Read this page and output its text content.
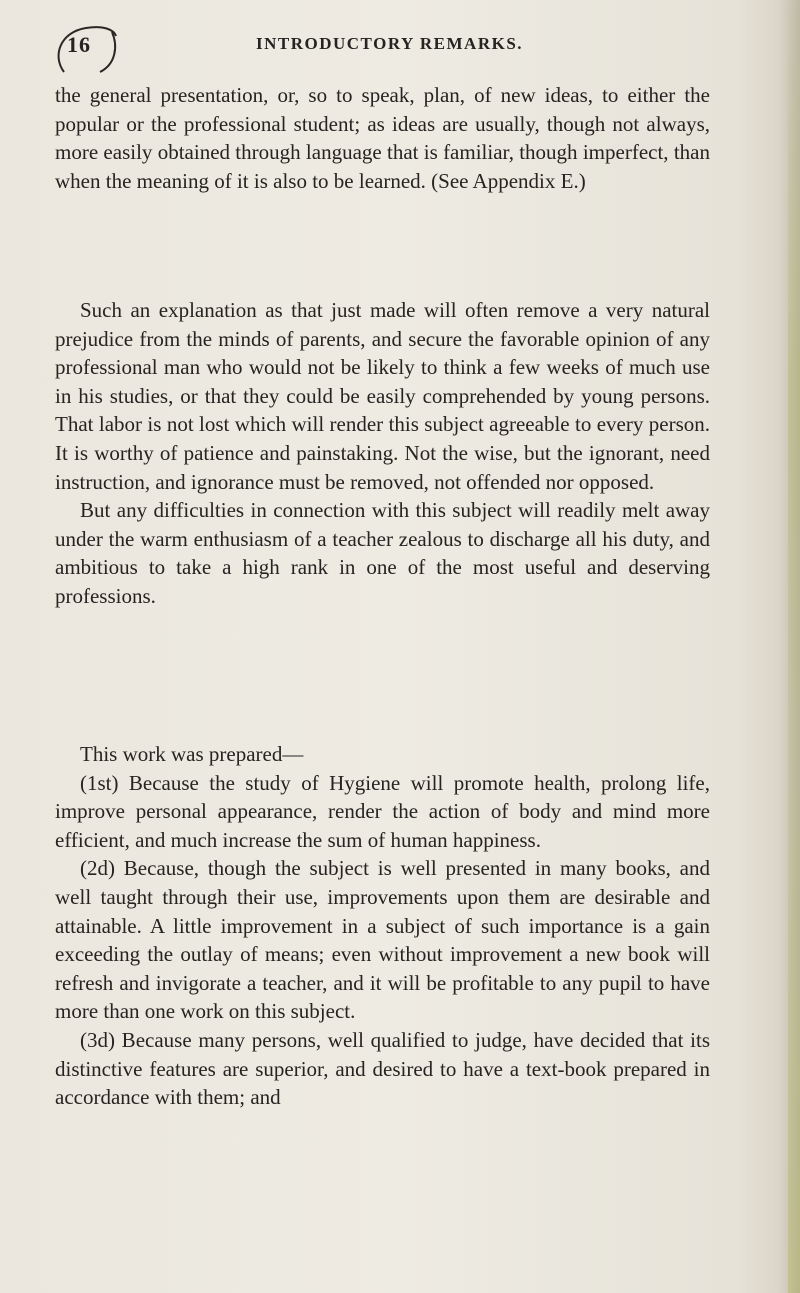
16	INTRODUCTORY REMARKS.

the general presentation, or, so to speak, plan, of new ideas, to either the popular or the professional student; as ideas are usually, though not always, more easily obtained through language that is familiar, though imperfect, than when the meaning of it is also to be learned. (See Appendix E.)

Such an explanation as that just made will often remove a very natural prejudice from the minds of parents, and secure the favorable opinion of any professional man who would not be likely to think a few weeks of much use in his studies, or that they could be easily comprehended by young persons. That labor is not lost which will render this subject agreeable to every person. It is worthy of patience and painstaking. Not the wise, but the ignorant, need instruction, and ignorance must be removed, not offended nor opposed.

But any difficulties in connection with this subject will readily melt away under the warm enthusiasm of a teacher zealous to discharge all his duty, and ambitious to take a high rank in one of the most useful and deserving professions.

This work was prepared—

(1st) Because the study of Hygiene will promote health, prolong life, improve personal appearance, render the action of body and mind more efficient, and much increase the sum of human happiness.

(2d) Because, though the subject is well presented in many books, and well taught through their use, improvements upon them are desirable and attainable. A little improvement in a subject of such importance is a gain exceeding the outlay of means; even without improvement a new book will refresh and invigorate a teacher, and it will be profitable to any pupil to have more than one work on this subject.

(3d) Because many persons, well qualified to judge, have decided that its distinctive features are superior, and desired to have a text-book prepared in accordance with them; and
